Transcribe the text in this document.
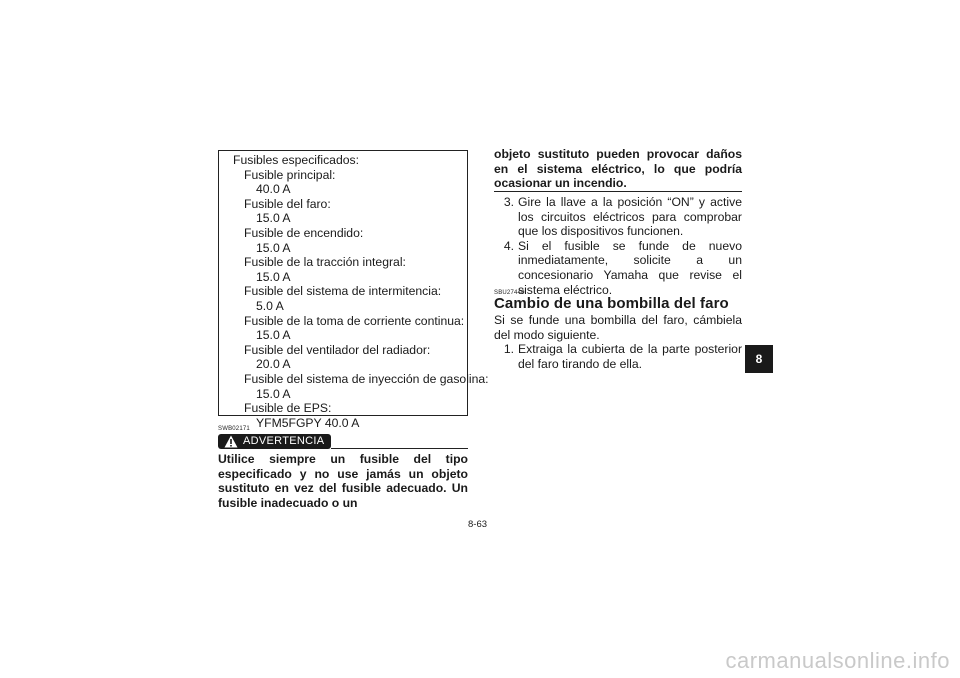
Fusibles especificados:
Fusible principal:
40.0 A
Fusible del faro:
15.0 A
Fusible de encendido:
15.0 A
Fusible de la tracción integral:
15.0 A
Fusible del sistema de intermitencia:
5.0 A
Fusible de la toma de corriente continua:
15.0 A
Fusible del ventilador del radiador:
20.0 A
Fusible del sistema de inyección de gasolina:
15.0 A
Fusible de EPS:
YFM5FGPY 40.0 A
SWB02171
ADVERTENCIA
Utilice siempre un fusible del tipo especificado y no use jamás un objeto sustituto en vez del fusible adecuado. Un fusible inadecuado o un
objeto sustituto pueden provocar daños en el sistema eléctrico, lo que podría ocasionar un incendio.
3. Gire la llave a la posición “ON” y active los circuitos eléctricos para comprobar que los dispositivos funcionen.
4. Si el fusible se funde de nuevo inmediatamente, solicite a un concesionario Yamaha que revise el sistema eléctrico.
SBU27440
Cambio de una bombilla del faro
Si se funde una bombilla del faro, cámbiela del modo siguiente.
1. Extraiga la cubierta de la parte posterior del faro tirando de ella.
8-63
8
carmanualsonline.info
